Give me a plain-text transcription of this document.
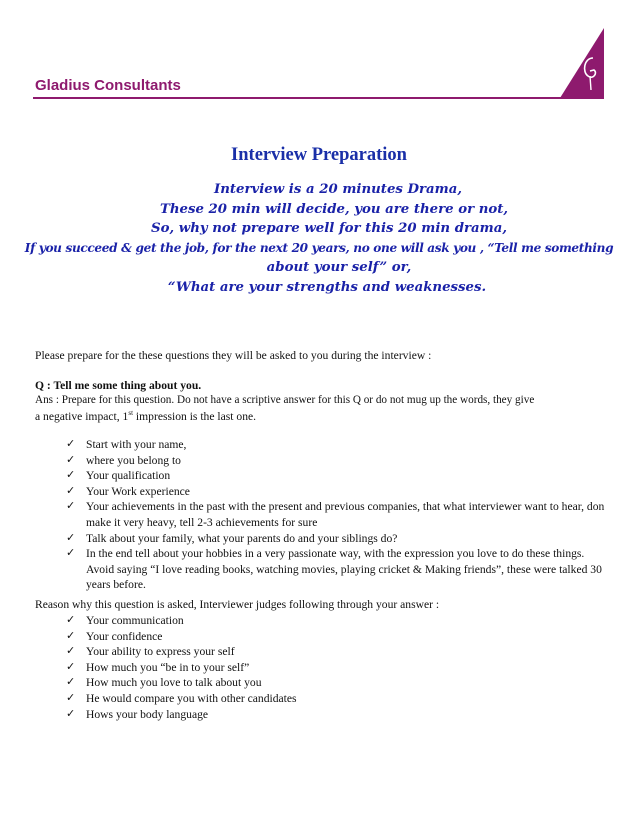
Gladius Consultants
Interview Preparation
Interview is a 20 minutes Drama,
These 20 min will decide, you are there or not,
So, why not prepare well for this 20 min drama,
If you succeed & get the job, for the next 20 years, no one will ask you , “Tell me something
about your self” or,
“What are your strengths and weaknesses.
Please prepare for the these questions they will be asked to you during the interview :
Q : Tell me some thing about you.
Ans : Prepare for this question. Do not have a scriptive answer for this Q or do not mug up the words, they give
a negative impact, 1st impression is the last one.
✓ Start with your name,
✓ where you belong to
✓ Your qualification
✓ Your Work experience
✓ Your achievements in the past with the present and previous companies, that what interviewer want to hear, don make it very heavy, tell 2-3 achievements for sure
✓ Talk about your family, what your parents do and your siblings do?
✓ In the end tell about your hobbies in a very passionate way, with the expression you love to do these things. Avoid saying “I love reading books, watching movies, playing cricket & Making friends”, these were talked 30 years before.
Reason why this question is asked, Interviewer judges following through your answer :
✓ Your communication
✓ Your confidence
✓ Your ability to express your self
✓ How much you “be in to your self”
✓ How much you love to talk about you
✓ He would compare you with other candidates
✓ Hows your body language
